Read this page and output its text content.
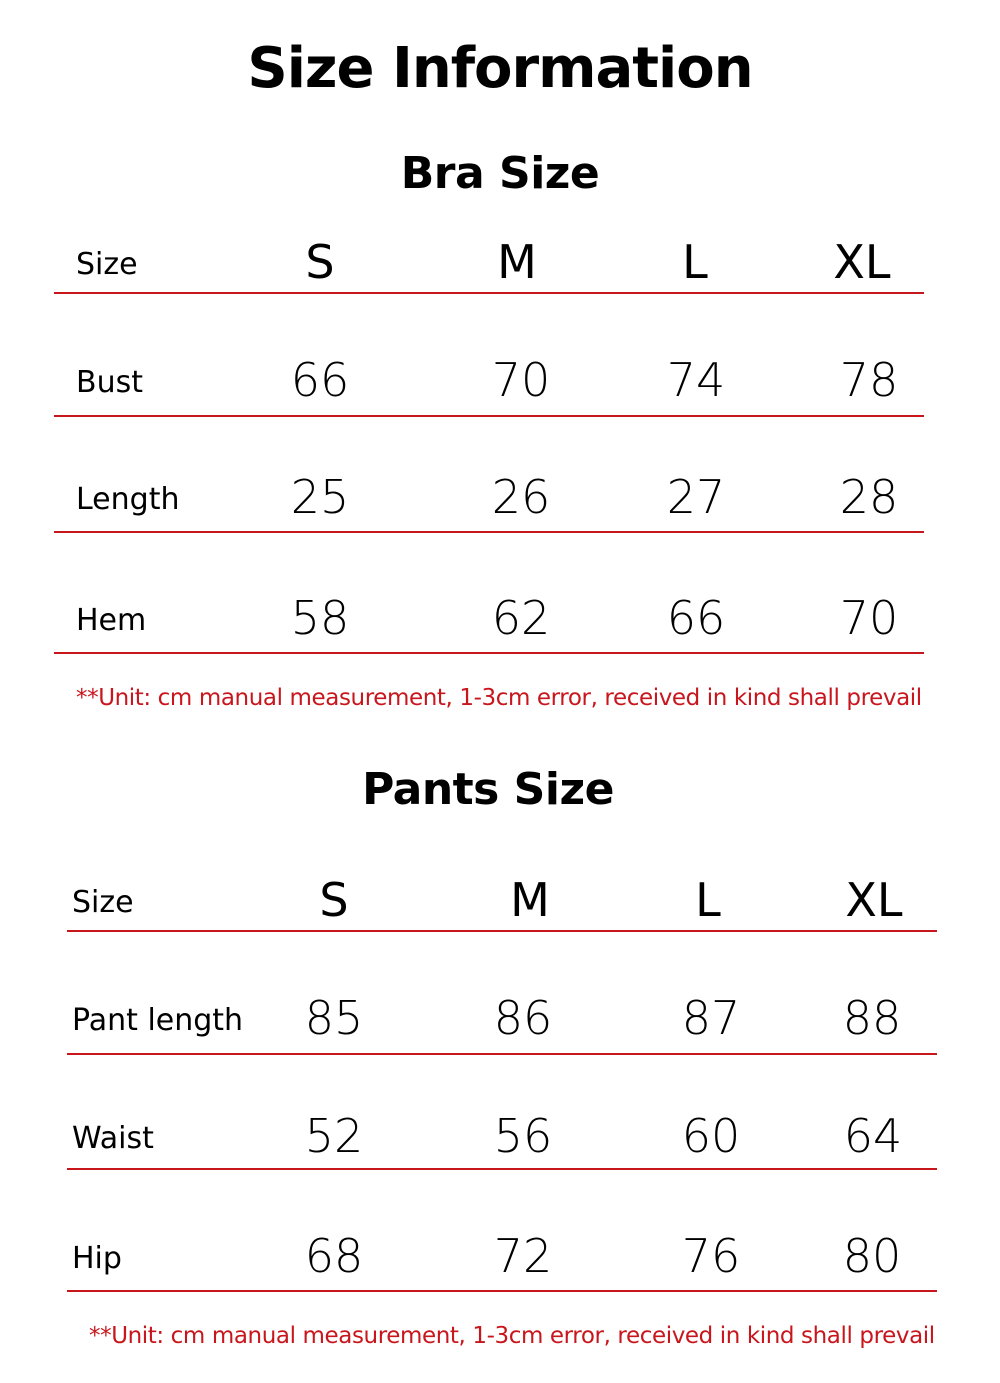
Size Information
Bra Size
Size	S	M	L	XL
Bust	66	70	74	78
Length	25	26	27	28
Hem	58	62	66	70
**Unit: cm manual measurement, 1-3cm error, received in kind shall prevail
Pants Size
Size	S	M	L	XL
Pant length	85	86	87	88
Waist	52	56	60	64
Hip	68	72	76	80
**Unit: cm manual measurement, 1-3cm error, received in kind shall prevail
